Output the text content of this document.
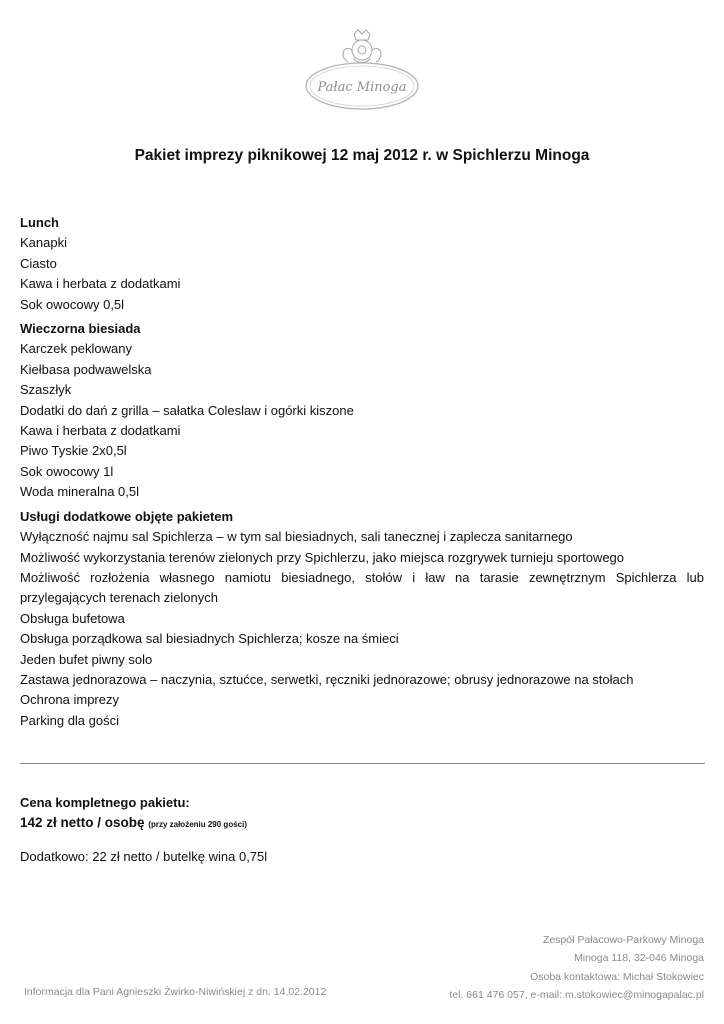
Pałac Minoga
Pakiet imprezy piknikowej 12 maj 2012 r. w Spichlerzu Minoga
Lunch
Kanapki
Ciasto
Kawa i herbata z dodatkami
Sok owocowy 0,5l
Wieczorna biesiada
Karczek peklowany
Kiełbasa podwawelska
Szaszłyk
Dodatki do dań z grilla – sałatka Coleslaw i ogórki kiszone
Kawa i herbata z dodatkami
Piwo Tyskie 2x0,5l
Sok owocowy 1l
Woda mineralna 0,5l
Usługi dodatkowe objęte pakietem
Wyłączność najmu sal Spichlerza – w tym sal biesiadnych, sali tanecznej i zaplecza sanitarnego
Możliwość wykorzystania terenów zielonych przy Spichlerzu, jako miejsca rozgrywek turnieju sportowego
Możliwość rozłożenia własnego namiotu biesiadnego, stołów i ław na tarasie zewnętrznym Spichlerza lub przylegających terenach zielonych
Obsługa bufetowa
Obsługa porządkowa sal biesiadnych Spichlerza; kosze na śmieci
Jeden bufet piwny solo
Zastawa jednorazowa – naczynia, sztućce, serwetki, ręczniki jednorazowe; obrusy jednorazowe na stołach
Ochrona imprezy
Parking dla gości
Cena kompletnego pakietu:
142 zł netto / osobę (przy założeniu 290 gości)
Dodatkowo: 22 zł netto / butelkę wina 0,75l
Zespół Pałacowo-Parkowy Minoga
Minoga 118, 32-046 Minoga
Osoba kontaktowa: Michał Stokowiec
tel. 661 476 057, e-mail: m.stokowiec@minogapalac.pl
Informacja dla Pani Agnieszki Żwirko-Niwińskiej z dn. 14.02.2012
